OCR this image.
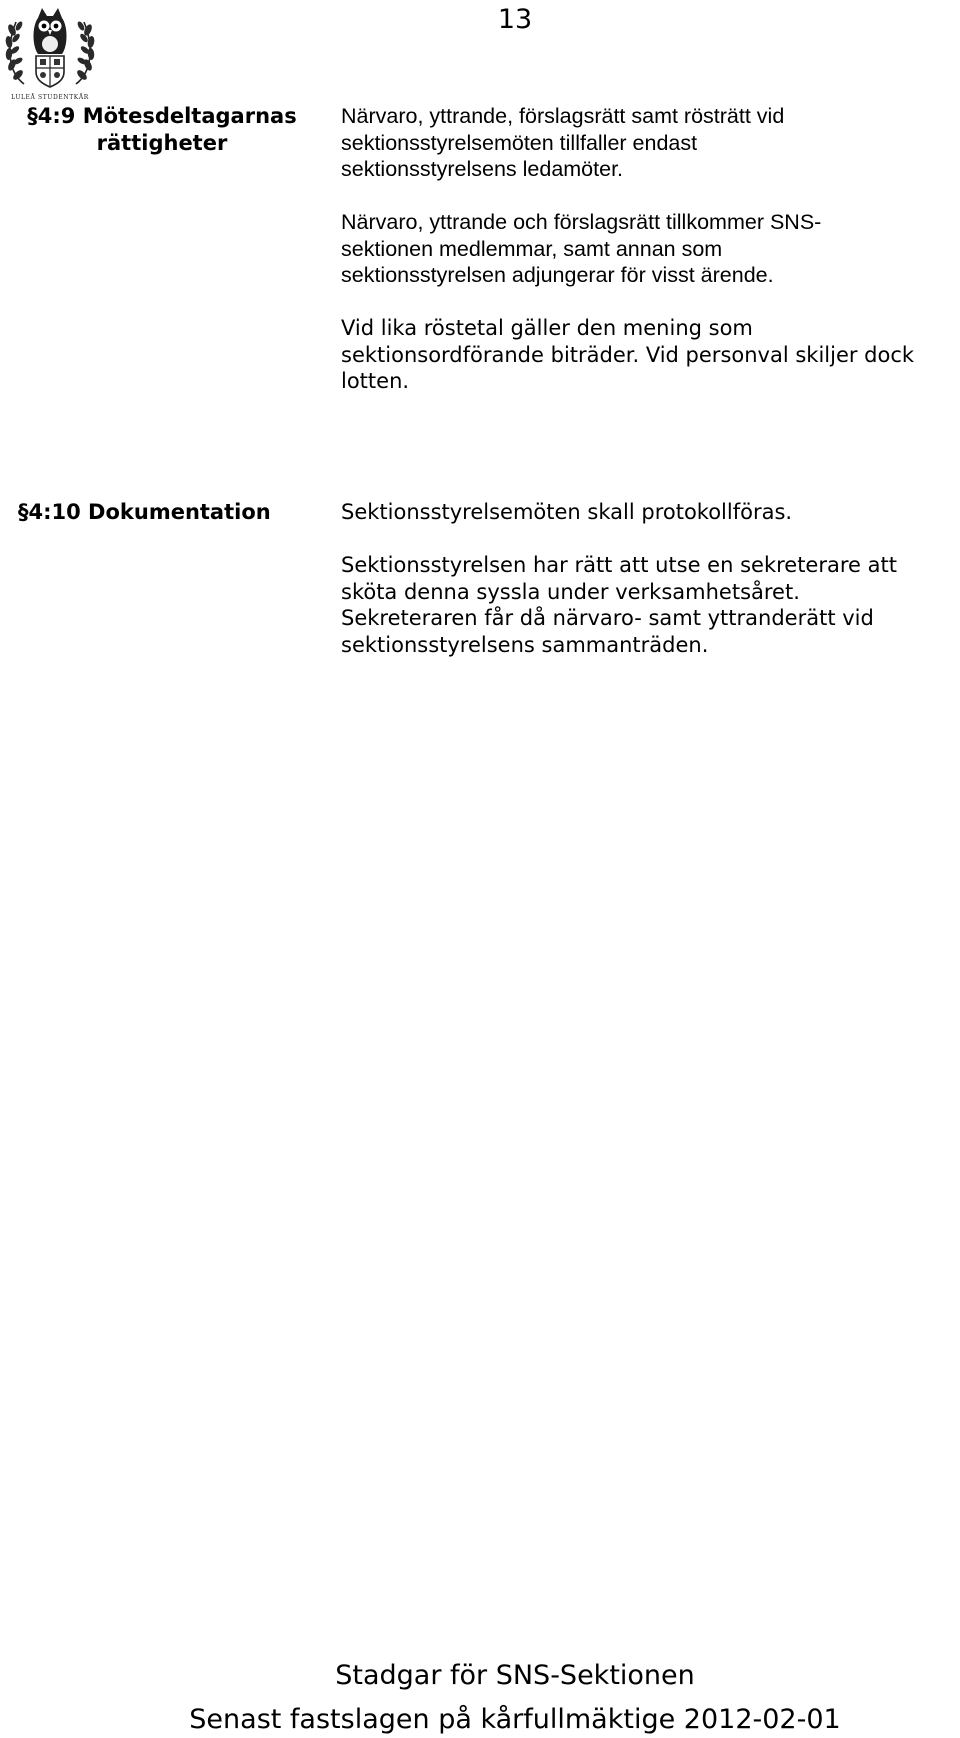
13
LULEÅ STUDENTKÅR
§4:9 Mötesdeltagarnas
rättigheter

Närvaro, yttrande, förslagsrätt samt rösträtt vid
sektionsstyrelsemöten tillfaller endast
sektionsstyrelsens ledamöter.

Närvaro, yttrande och förslagsrätt tillkommer SNS-
sektionen medlemmar, samt annan som
sektionsstyrelsen adjungerar för visst ärende.

Vid lika röstetal gäller den mening som
sektionsordförande biträder. Vid personval skiljer dock
lotten.

§4:10 Dokumentation	Sektionsstyrelsemöten skall protokollföras.

Sektionsstyrelsen har rätt att utse en sekreterare att
sköta denna syssla under verksamhetsåret.
Sekreteraren får då närvaro- samt yttranderätt vid
sektionsstyrelsens sammanträden.

Stadgar för SNS-Sektionen
Senast fastslagen på kårfullmäktige 2012-02-01
